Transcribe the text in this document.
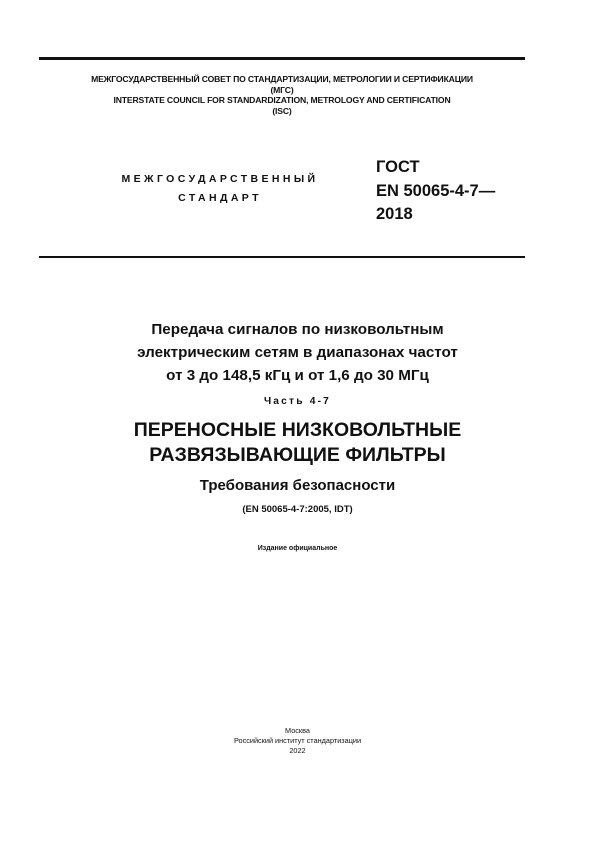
МЕЖГОСУДАРСТВЕННЫЙ СОВЕТ ПО СТАНДАРТИЗАЦИИ, МЕТРОЛОГИИ И СЕРТИФИКАЦИИ
(МГС)
INTERSTATE COUNCIL FOR STANDARDIZATION, METROLOGY AND CERTIFICATION
(ISC)
МЕЖГОСУДАРСТВЕННЫЙ
СТАНДАРТ
ГОСТ
EN 50065-4-7—
2018
Передача сигналов по низковольтным
электрическим сетям в диапазонах частот
от 3 до 148,5 кГц и от 1,6 до 30 МГц
Часть 4-7
ПЕРЕНОСНЫЕ НИЗКОВОЛЬТНЫЕ
РАЗВЯЗЫВАЮЩИЕ ФИЛЬТРЫ
Требования безопасности
(EN 50065-4-7:2005, IDT)
Издание официальное
Москва
Российский институт стандартизации
2022
